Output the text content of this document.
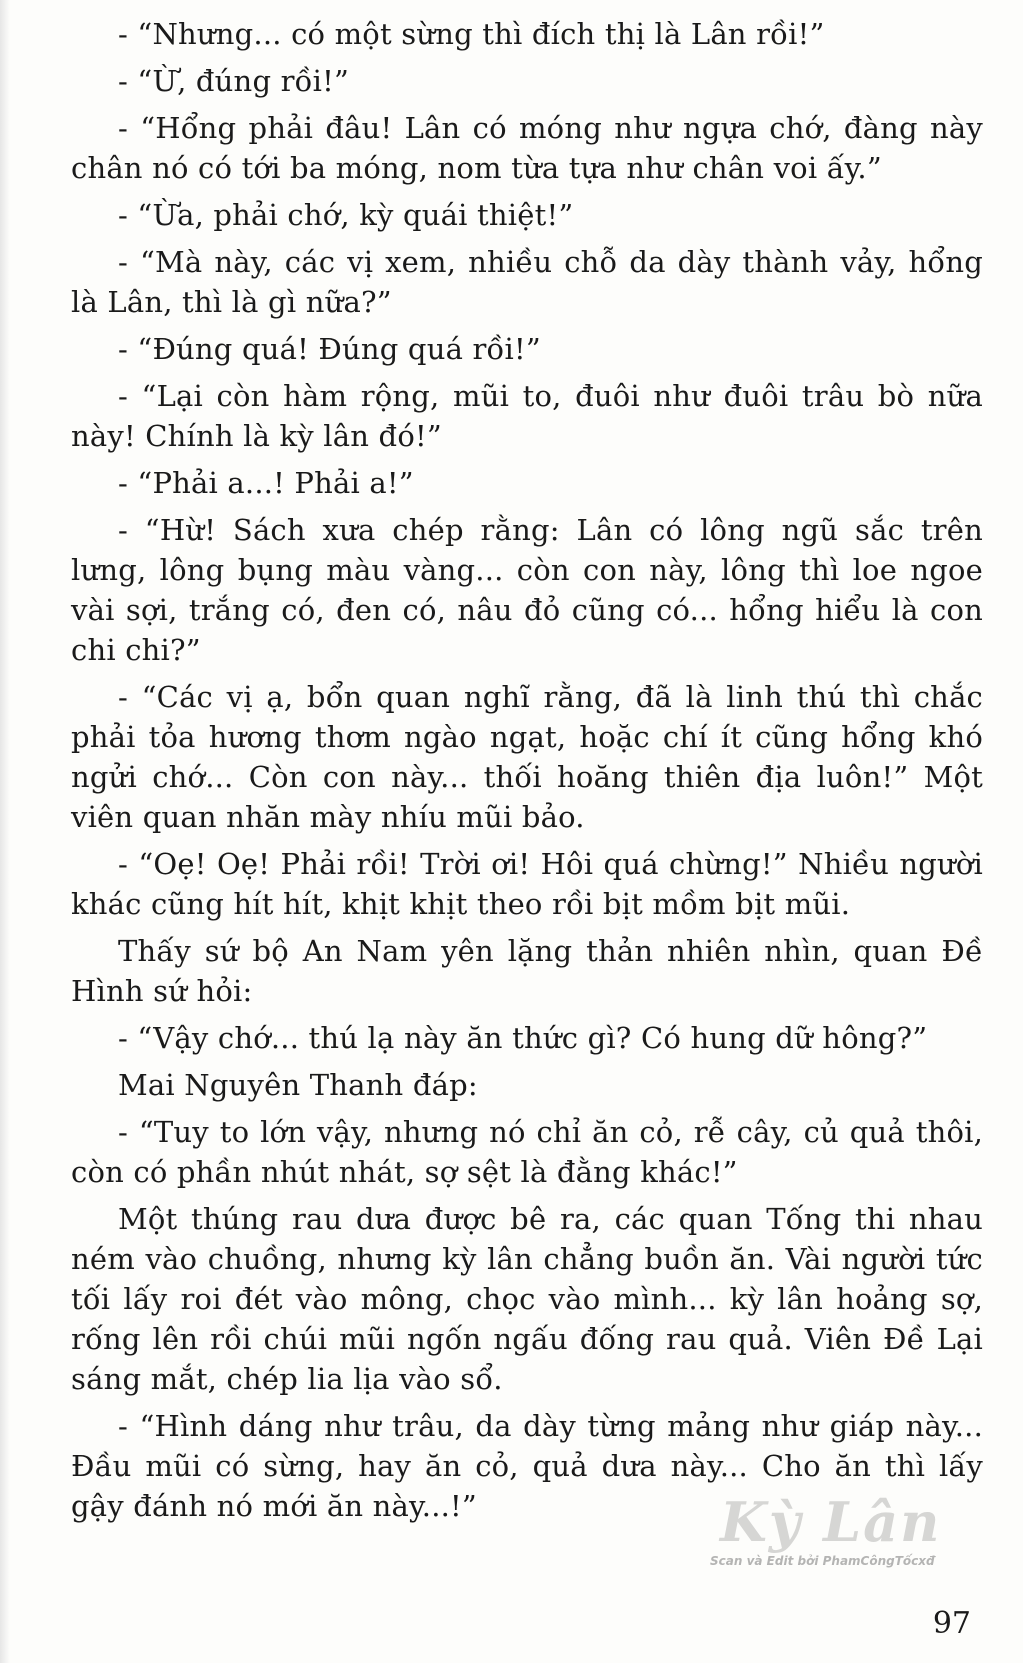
- “Nhưng... có một sừng thì đích thị là Lân rồi!”

- “Ừ, đúng rồi!”

- “Hổng phải đâu! Lân có móng như ngựa chớ, đàng này chân nó có tới ba móng, nom từa tựa như chân voi ấy.”

- “Ừa, phải chớ, kỳ quái thiệt!”

- “Mà này, các vị xem, nhiều chỗ da dày thành vảy, hổng là Lân, thì là gì nữa?”

- “Đúng quá! Đúng quá rồi!”

- “Lại còn hàm rộng, mũi to, đuôi như đuôi trâu bò nữa này! Chính là kỳ lân đó!”

- “Phải a...! Phải a!”

- “Hừ! Sách xưa chép rằng: Lân có lông ngũ sắc trên lưng, lông bụng màu vàng... còn con này, lông thì loe ngoe vài sợi, trắng có, đen có, nâu đỏ cũng có... hổng hiểu là con chi chi?”

- “Các vị ạ, bổn quan nghĩ rằng, đã là linh thú thì chắc phải tỏa hương thơm ngào ngạt, hoặc chí ít cũng hổng khó ngửi chớ... Còn con này... thối hoăng thiên địa luôn!” Một viên quan nhăn mày nhíu mũi bảo.

- “Oẹ! Oẹ! Phải rồi! Trời ơi! Hôi quá chừng!” Nhiều người khác cũng hít hít, khịt khịt theo rồi bịt mồm bịt mũi.

Thấy sứ bộ An Nam yên lặng thản nhiên nhìn, quan Đề Hình sứ hỏi:

- “Vậy chớ... thú lạ này ăn thức gì? Có hung dữ hông?”

Mai Nguyên Thanh đáp:

- “Tuy to lớn vậy, nhưng nó chỉ ăn cỏ, rễ cây, củ quả thôi, còn có phần nhút nhát, sợ sệt là đằng khác!”

Một thúng rau dưa được bê ra, các quan Tống thi nhau ném vào chuồng, nhưng kỳ lân chẳng buồn ăn. Vài người tức tối lấy roi đét vào mông, chọc vào mình... kỳ lân hoảng sợ, rống lên rồi chúi mũi ngốn ngấu đống rau quả. Viên Đề Lại sáng mắt, chép lia lịa vào sổ.

- “Hình dáng như trâu, da dày từng mảng như giáp này... Đầu mũi có sừng, hay ăn cỏ, quả dưa này... Cho ăn thì lấy gậy đánh nó mới ăn này...!”	Kỳ Lân
Scan và Edit bởi PhamCôngTốcxđ
97
